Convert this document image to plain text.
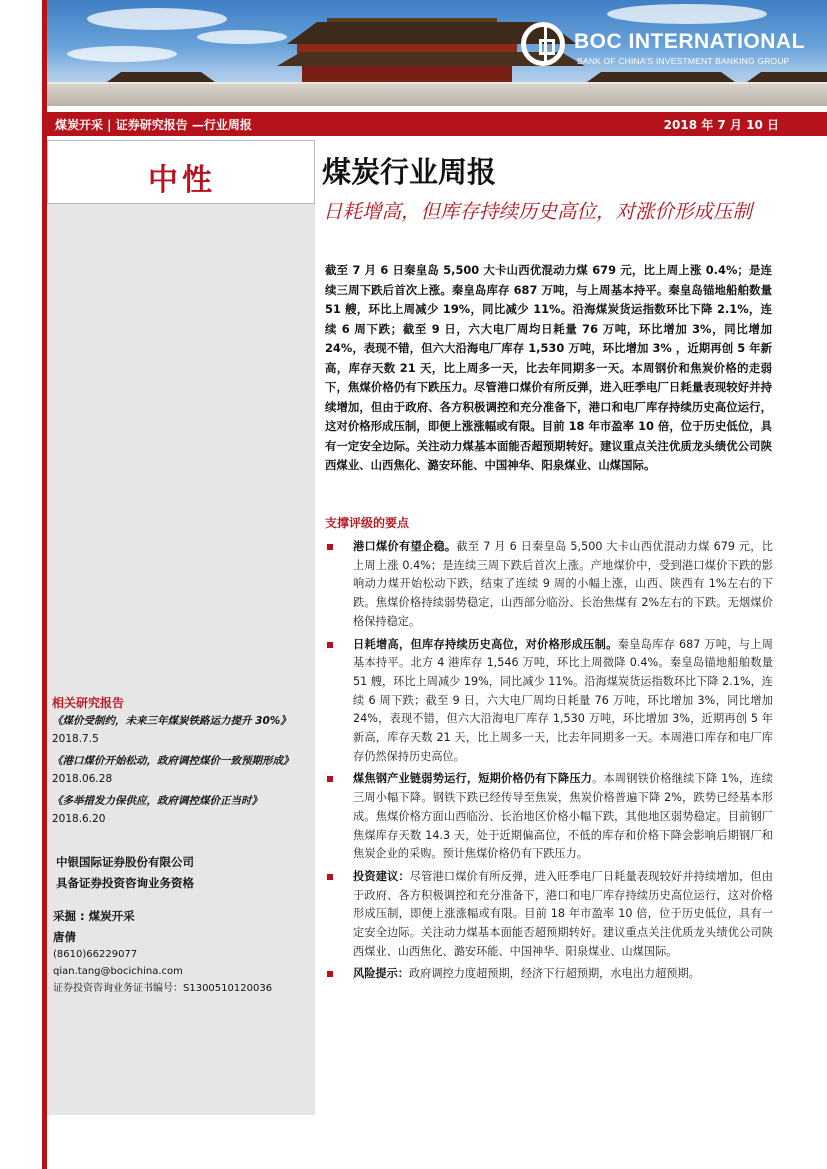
BOC INTERNATIONAL
BANK OF CHINA'S INVESTMENT BANKING GROUP
煤炭开采 | 证券研究报告 —行业周报	2018 年 7 月 10 日
中性	煤炭行业周报
日耗增高，但库存持续历史高位，对涨价形成压制
截至 7 月 6 日秦皇岛 5,500 大卡山西优混动力煤 679 元，比上周上涨 0.4%；是连续三周下跌后首次上涨。秦皇岛库存 687 万吨，与上周基本持平。秦皇岛锚地船舶数量 51 艘，环比上周减少 19%，同比减少 11%。沿海煤炭货运指数环比下降 2.1%，连续 6 周下跌；截至 9 日，六大电厂周均日耗量 76 万吨，环比增加 3%，同比增加 24%，表现不错，但六大沿海电厂库存 1,530 万吨，环比增加 3% ，近期再创 5 年新高，库存天数 21 天，比上周多一天，比去年同期多一天。本周钢价和焦炭价格的走弱下，焦煤价格仍有下跌压力。尽管港口煤价有所反弹，进入旺季电厂日耗量表现较好并持续增加，但由于政府、各方积极调控和充分准备下，港口和电厂库存持续历史高位运行，这对价格形成压制，即便上涨涨幅或有限。目前 18 年市盈率 10 倍，位于历史低位，具有一定安全边际。关注动力煤基本面能否超预期转好。建议重点关注优质龙头绩优公司陕西煤业、山西焦化、潞安环能、中国神华、阳泉煤业、山煤国际。
支撑评级的要点
港口煤价有望企稳。截至 7 月 6 日秦皇岛 5,500 大卡山西优混动力煤 679 元，比上周上涨 0.4%；是连续三周下跌后首次上涨。产地煤价中，受到港口煤价下跌的影响动力煤开始松动下跌，结束了连续 9 周的小幅上涨，山西、陕西有 1%左右的下跌。焦煤价格持续弱势稳定，山西部分临汾、长治焦煤有 2%左右的下跌。无烟煤价格保持稳定。
日耗增高，但库存持续历史高位，对价格形成压制。秦皇岛库存 687 万吨，与上周基本持平。北方 4 港库存 1,546 万吨，环比上周微降 0.4%。秦皇岛锚地船舶数量 51 艘，环比上周减少 19%，同比减少 11%。沿海煤炭货运指数环比下降 2.1%，连续 6 周下跌；截至 9 日，六大电厂周均日耗量 76 万吨，环比增加 3%，同比增加 24%，表现不错，但六大沿海电厂库存 1,530 万吨，环比增加 3%，近期再创 5 年新高，库存天数 21 天，比上周多一天，比去年同期多一天。本周港口库存和电厂库存仍然保持历史高位。
煤焦钢产业链弱势运行，短期价格仍有下降压力。本周钢铁价格继续下降 1%，连续三周小幅下降。钢铁下跌已经传导至焦炭，焦炭价格普遍下降 2%，跌势已经基本形成。焦煤价格方面山西临汾、长治地区价格小幅下跌，其他地区弱势稳定。目前钢厂焦煤库存天数 14.3 天，处于近期偏高位，不低的库存和价格下降会影响后期钢厂和焦炭企业的采购。预计焦煤价格仍有下跌压力。
投资建议：尽管港口煤价有所反弹，进入旺季电厂日耗量表现较好并持续增加，但由于政府、各方积极调控和充分准备下，港口和电厂库存持续历史高位运行，这对价格形成压制，即便上涨涨幅或有限。目前 18 年市盈率 10 倍，位于历史低位，具有一定安全边际。关注动力煤基本面能否超预期转好。建议重点关注优质龙头绩优公司陕西煤业、山西焦化、潞安环能、中国神华、阳泉煤业、山煤国际。
风险提示：政府调控力度超预期，经济下行超预期，水电出力超预期。
相关研究报告
《煤价受制约，未来三年煤炭铁路运力提升 30%》
2018.7.5
《港口煤价开始松动，政府调控煤价一致预期形成》
2018.06.28
《多举措发力保供应，政府调控煤价正当时》
2018.6.20
中银国际证券股份有限公司
具备证券投资咨询业务资格
采掘 : 煤炭开采
唐倩
(8610)66229077
qian.tang@bocichina.com
证券投资咨询业务证书编号：S1300510120036
